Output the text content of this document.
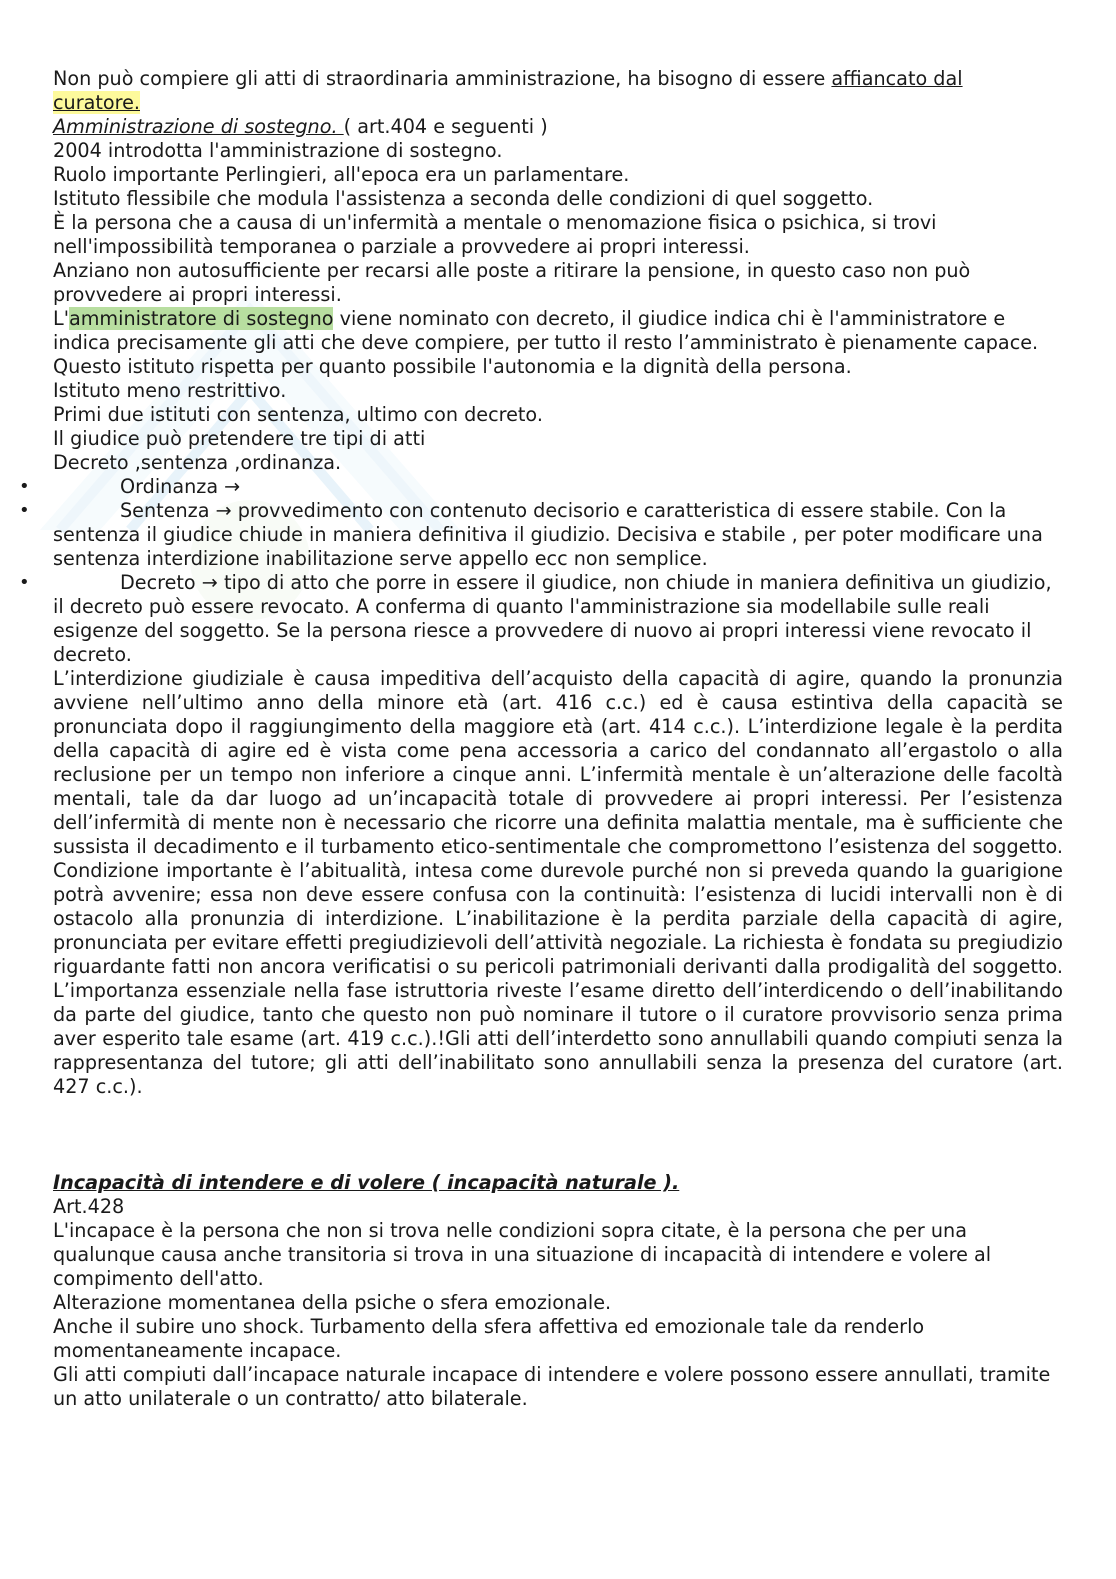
Non può compiere gli atti di straordinaria amministrazione, ha bisogno di essere affiancato dal
curatore.

Amministrazione di sostegno. ( art.404 e seguenti )

2004 introdotta l'amministrazione di sostegno.

Ruolo importante Perlingieri, all'epoca era un parlamentare.

Istituto flessibile che modula l'assistenza a seconda delle condizioni di quel soggetto.

È la persona che a causa di un'infermità a mentale o menomazione fisica o psichica, si trovi nell'impossibilità temporanea o parziale a provvedere ai propri interessi.

Anziano non autosufficiente per recarsi alle poste a ritirare la pensione, in questo caso non può provvedere ai propri interessi.

L'amministratore di sostegno viene nominato con decreto, il giudice indica chi è l'amministratore e indica precisamente gli atti che deve compiere, per tutto il resto l’amministrato è pienamente capace.

Questo istituto rispetta per quanto possibile l'autonomia e la dignità della persona.

Istituto meno restrittivo.

Primi due istituti con sentenza, ultimo con decreto.

Il giudice può pretendere tre tipi di atti

Decreto ,sentenza ,ordinanza.

•	Ordinanza →

•	Sentenza → provvedimento con contenuto decisorio e caratteristica di essere stabile. Con la sentenza il giudice chiude in maniera definitiva il giudizio. Decisiva e stabile , per poter modificare una sentenza interdizione inabilitazione serve appello ecc non semplice.

•	Decreto → tipo di atto che porre in essere il giudice, non chiude in maniera definitiva un giudizio, il decreto può essere revocato. A conferma di quanto l'amministrazione sia modellabile sulle reali esigenze del soggetto. Se la persona riesce a provvedere di nuovo ai propri interessi viene revocato il decreto.

L’interdizione giudiziale è causa impeditiva dell’acquisto della capacità di agire, quando la pronunzia avviene nell’ultimo anno della minore età (art. 416 c.c.) ed è causa estintiva della capacità se pronunciata dopo il raggiungimento della maggiore età (art. 414 c.c.). L’interdizione legale è la perdita della capacità di agire ed è vista come pena accessoria a carico del condannato all’ergastolo o alla reclusione per un tempo non inferiore a cinque anni. L’infermità mentale è un’alterazione delle facoltà mentali, tale da dar luogo ad un’incapacità totale di provvedere ai propri interessi. Per l’esistenza dell’infermità di mente non è necessario che ricorre una definita malattia mentale, ma è sufficiente che sussista il decadimento e il turbamento etico-sentimentale che compromettono l’esistenza del soggetto. Condizione importante è l’abitualità, intesa come durevole purché non si preveda quando la guarigione potrà avvenire; essa non deve essere confusa con la continuità: l’esistenza di lucidi intervalli non è di ostacolo alla pronunzia di interdizione. L’inabilitazione è la perdita parziale della capacità di agire, pronunciata per evitare effetti pregiudizievoli dell’attività negoziale. La richiesta è fondata su pregiudizio riguardante fatti non ancora verificatisi o su pericoli patrimoniali derivanti dalla prodigalità del soggetto. L’importanza essenziale nella fase istruttoria riveste l’esame diretto dell’interdicendo o dell’inabilitando da parte del giudice, tanto che questo non può nominare il tutore o il curatore provvisorio senza prima aver esperito tale esame (art. 419 c.c.).!Gli atti dell’interdetto sono annullabili quando compiuti senza la rappresentanza del tutore; gli atti dell’inabilitato sono annullabili senza la presenza del curatore (art. 427 c.c.).

Incapacità di intendere e di volere ( incapacità naturale ).

Art.428

L'incapace è la persona che non si trova nelle condizioni sopra citate, è la persona che per una qualunque causa anche transitoria si trova in una situazione di incapacità di intendere e volere al compimento dell'atto.

Alterazione momentanea della psiche o sfera emozionale.

Anche il subire uno shock. Turbamento della sfera affettiva ed emozionale tale da renderlo momentaneamente incapace.

Gli atti compiuti dall’incapace naturale incapace di intendere e volere possono essere annullati, tramite un atto unilaterale o un contratto/ atto bilaterale.
